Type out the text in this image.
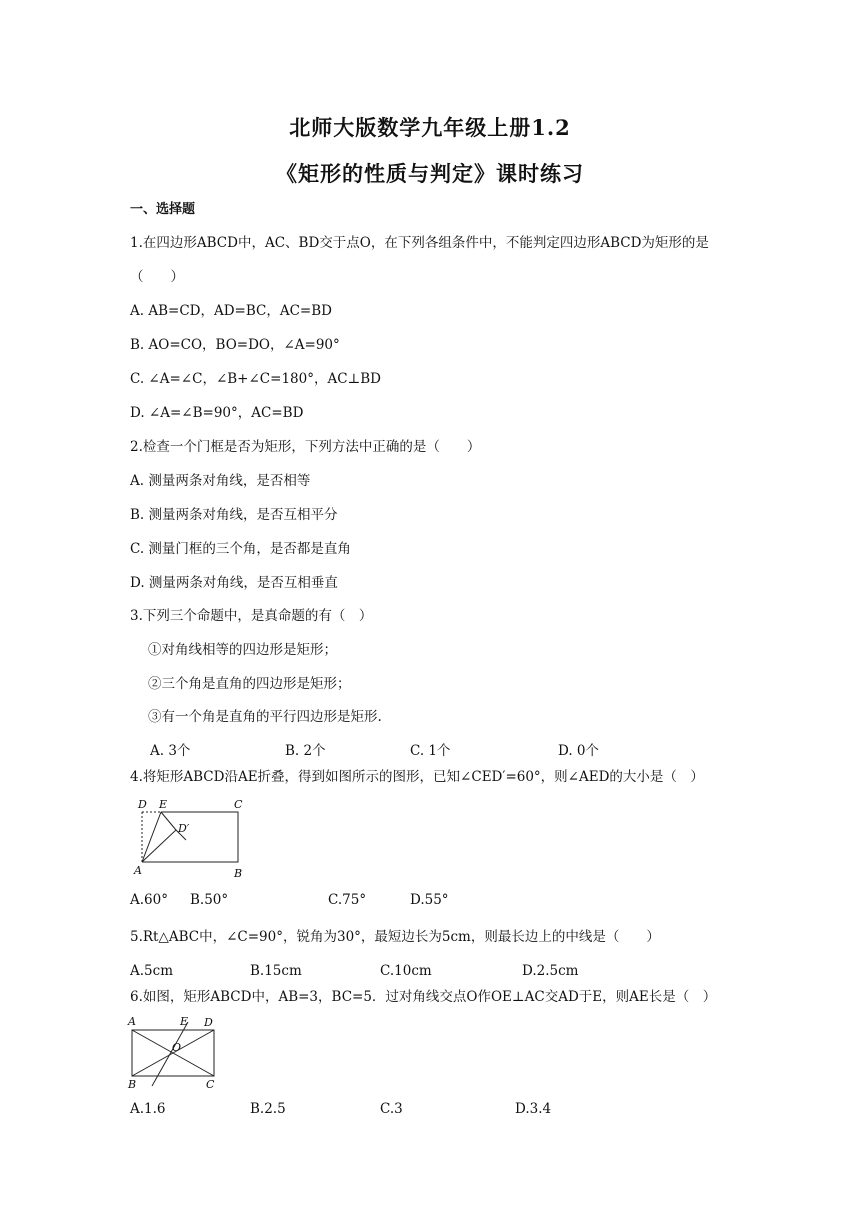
北师大版数学九年级上册1.2
《矩形的性质与判定》课时练习
一、选择题
1.在四边形ABCD中，AC、BD交于点O，在下列各组条件中，不能判定四边形ABCD为矩形的是
（　　）
A. AB=CD，AD=BC，AC=BD
B. AO=CO，BO=DO，∠A=90°
C. ∠A=∠C，∠B+∠C=180°，AC⊥BD
D. ∠A=∠B=90°，AC=BD
2.检查一个门框是否为矩形，下列方法中正确的是（　　）
A. 测量两条对角线，是否相等
B. 测量两条对角线，是否互相平分
C. 测量门框的三个角，是否都是直角
D. 测量两条对角线，是否互相垂直
3.下列三个命题中，是真命题的有（　）
①对角线相等的四边形是矩形；
②三个角是直角的四边形是矩形；
③有一个角是直角的平行四边形是矩形.
A. 3个	B. 2个	C. 1个	D. 0个
4.将矩形ABCD沿AE折叠，得到如图所示的图形，已知∠CED′=60°，则∠AED的大小是（　）
D E	C
D′
A	B
A.60° B.50°	C.75°	D.55°
5.Rt△ABC中，∠C=90°，锐角为30°，最短边长为5cm，则最长边上的中线是（　　）
A.5cm	B.15cm	C.10cm	D.2.5cm
6.如图，矩形ABCD中，AB=3，BC=5．过对角线交点O作OE⊥AC交AD于E，则AE长是（　）
A	E D
O
B	C
A.1.6	B.2.5	C.3	D.3.4
